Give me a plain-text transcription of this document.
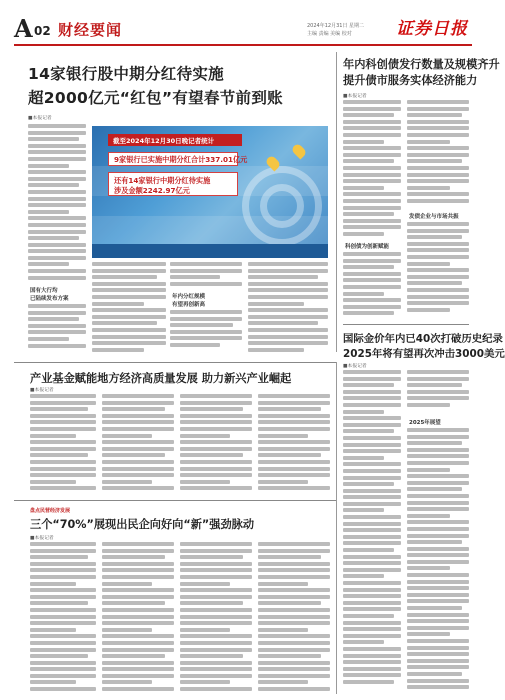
A 02 财经要闻	2024年12月31日 星期二
主编 责编 美编 校对	证券日报
14家银行股中期分红待实施
超2000亿元“红包”有望春节前到账
■本报记者
国有大行均
已陆续发布方案
截至2024年12月30日晚记者统计
9家银行已实施中期分红合计337.01亿元
还有14家银行中期分红待实施
涉及金额2242.97亿元
年内分红规模
有望再创新高
年内科创债发行数量及规模齐升
提升债市服务实体经济能力
■本报记者
科创债为创新赋能
发债企业与市场共振
国际金价年内已40次打破历史纪录
2025年将有望再次冲击3000美元
■本报记者
产业基金赋能地方经济高质量发展 助力新兴产业崛起
■本报记者
盘点民营经济发展
三个“70%”展现出民企向好向“新”强劲脉动
■本报记者
2025年展望
